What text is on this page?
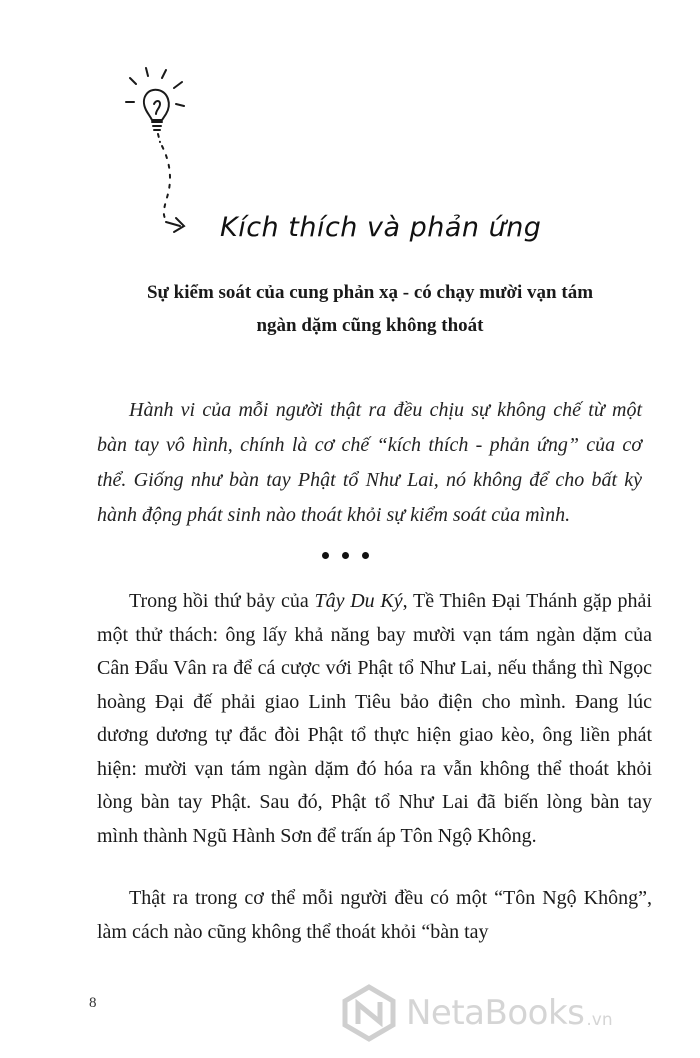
Kích thích và phản ứng
Sự kiểm soát của cung phản xạ - có chạy mười vạn tám
ngàn dặm cũng không thoát

Hành vi của mỗi người thật ra đều chịu sự không chế từ một bàn tay vô hình, chính là cơ chế “kích thích - phản ứng” của cơ thể. Giống như bàn tay Phật tổ Như Lai, nó không để cho bất kỳ hành động phát sinh nào thoát khỏi sự kiểm soát của mình.

Trong hồi thứ bảy của Tây Du Ký, Tề Thiên Đại Thánh gặp phải một thử thách: ông lấy khả năng bay mười vạn tám ngàn dặm của Cân Đẩu Vân ra để cá cược với Phật tổ Như Lai, nếu thắng thì Ngọc hoàng Đại đế phải giao Linh Tiêu bảo điện cho mình. Đang lúc dương dương tự đắc đòi Phật tổ thực hiện giao kèo, ông liền phát hiện: mười vạn tám ngàn dặm đó hóa ra vẫn không thể thoát khỏi lòng bàn tay Phật. Sau đó, Phật tổ Như Lai đã biến lòng bàn tay mình thành Ngũ Hành Sơn để trấn áp Tôn Ngộ Không.

Thật ra trong cơ thể mỗi người đều có một “Tôn Ngộ Không”, làm cách nào cũng không thể thoát khỏi “bàn tay

8	NetaBooks .vn
